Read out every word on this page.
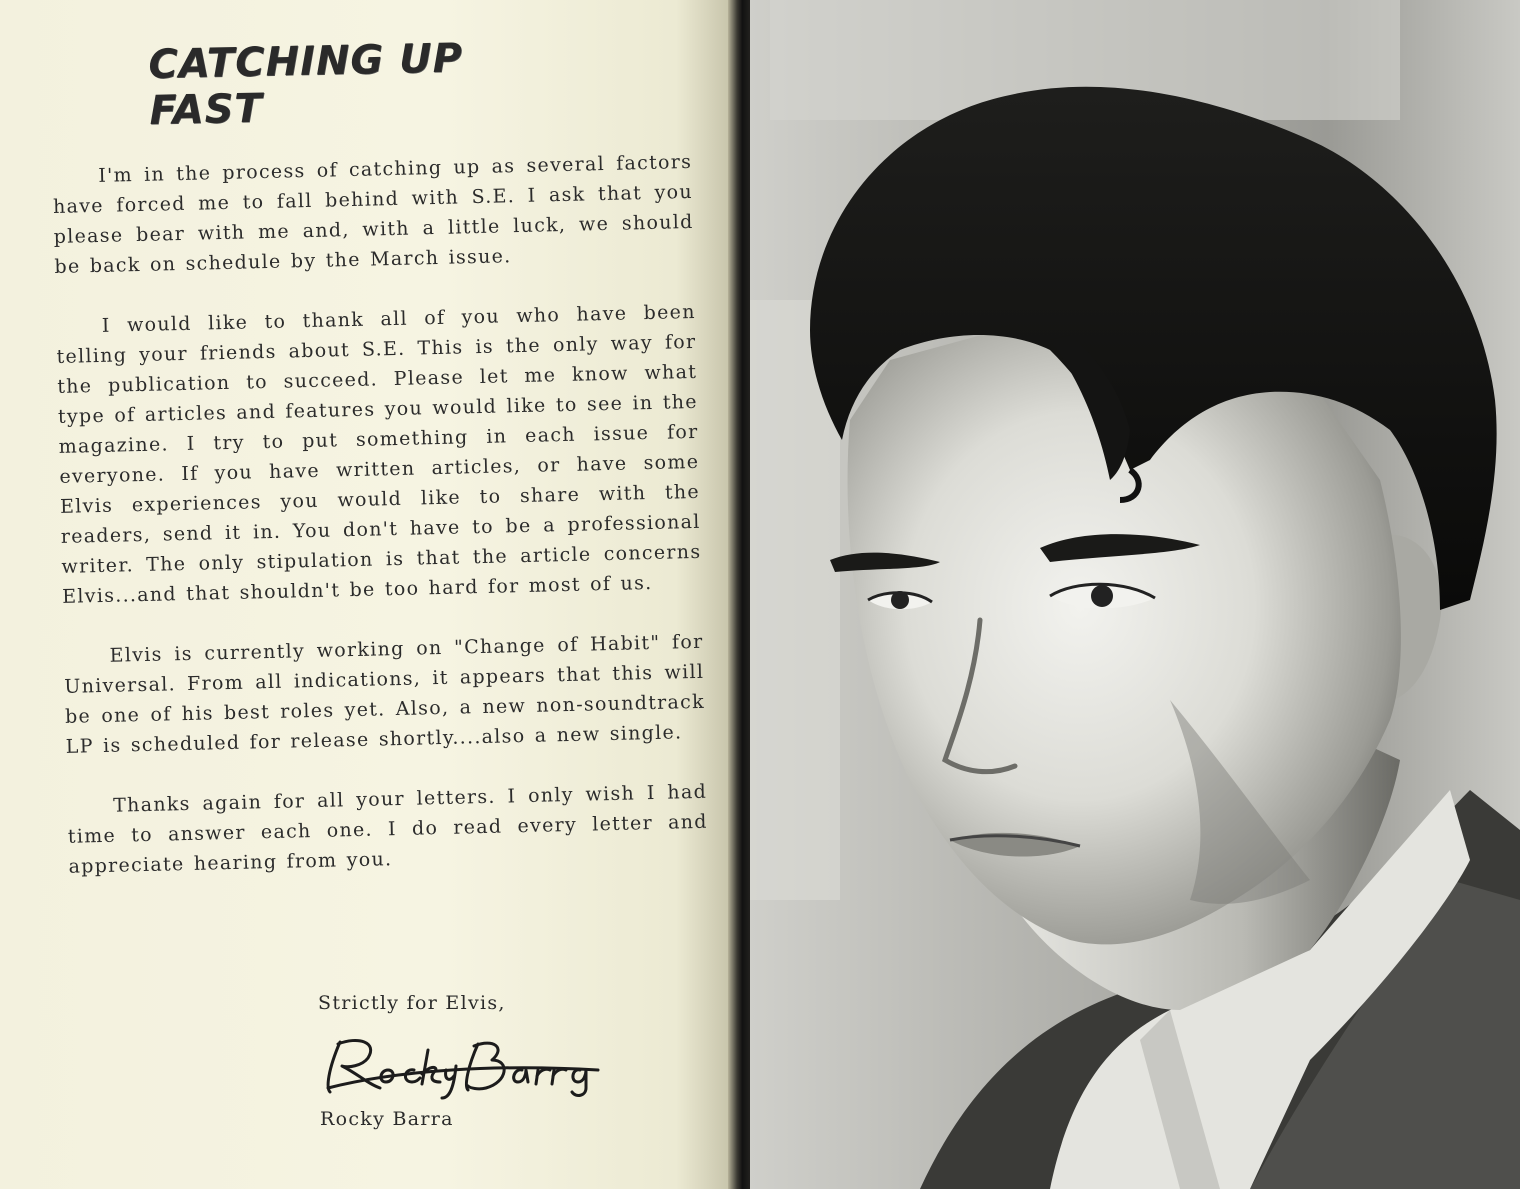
CATCHING UP FAST

I'm in the process of catching up as several factors have forced me to fall behind with S.E. I ask that you please bear with me and, with a little luck, we should be back on schedule by the March issue.

I would like to thank all of you who have been telling your friends about S.E. This is the only way for the publication to succeed. Please let me know what type of articles and features you would like to see in the magazine. I try to put something in each issue for everyone. If you have written articles, or have some Elvis experiences you would like to share with the readers, send it in. You don't have to be a professional writer. The only stipulation is that the article concerns Elvis...and that shouldn't be too hard for most of us.

Elvis is currently working on "Change of Habit" for Universal. From all indications, it appears that this will be one of his best roles yet. Also, a new non-soundtrack LP is scheduled for release shortly....also a new single.

Thanks again for all your letters. I only wish I had time to answer each one. I do read every letter and appreciate hearing from you.

Strictly for Elvis,
Rocky Barra
